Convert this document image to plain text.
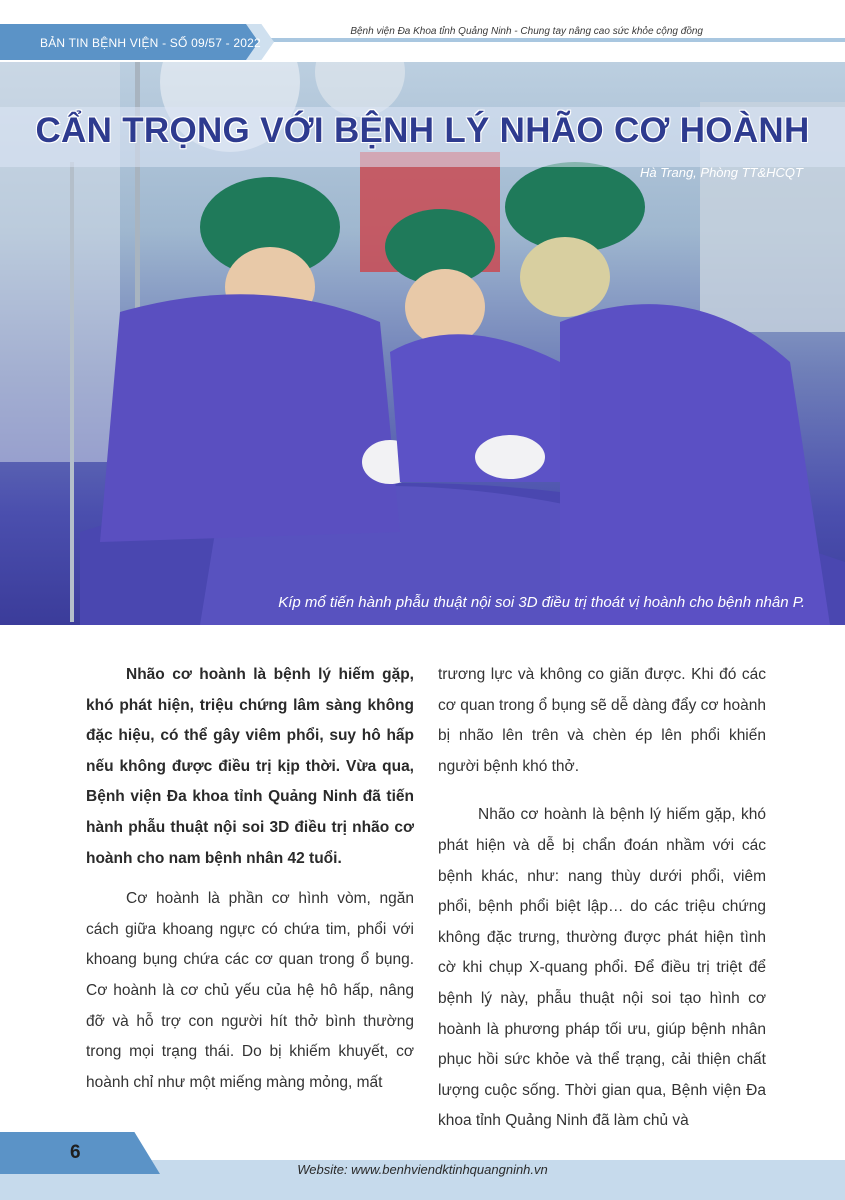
BẢN TIN BỆNH VIỆN - SỐ 09/57 - 2022
Bệnh viện Đa Khoa tỉnh Quảng Ninh - Chung tay nâng cao sức khỏe cộng đồng
CẨN TRỌNG VỚI BỆNH LÝ NHÃO CƠ HOÀNH
Hà Trang, Phòng TT&HCQT
Kíp mổ tiến hành phẫu thuật nội soi 3D điều trị thoát vị hoành cho bệnh nhân P.

Nhão cơ hoành là bệnh lý hiếm gặp, khó phát hiện, triệu chứng lâm sàng không đặc hiệu, có thể gây viêm phổi, suy hô hấp nếu không được điều trị kịp thời. Vừa qua, Bệnh viện Đa khoa tỉnh Quảng Ninh đã tiến hành phẫu thuật nội soi 3D điều trị nhão cơ hoành cho nam bệnh nhân 42 tuổi.

Cơ hoành là phần cơ hình vòm, ngăn cách giữa khoang ngực có chứa tim, phổi với khoang bụng chứa các cơ quan trong ổ bụng. Cơ hoành là cơ chủ yếu của hệ hô hấp, nâng đỡ và hỗ trợ con người hít thở bình thường trong mọi trạng thái. Do bị khiếm khuyết, cơ hoành chỉ như một miếng màng mỏng, mất

trương lực và không co giãn được. Khi đó các cơ quan trong ổ bụng sẽ dễ dàng đẩy cơ hoành bị nhão lên trên và chèn ép lên phổi khiến người bệnh khó thở.

Nhão cơ hoành là bệnh lý hiếm gặp, khó phát hiện và dễ bị chẩn đoán nhầm với các bệnh khác, như: nang thùy dưới phổi, viêm phổi, bệnh phổi biệt lập… do các triệu chứng không đặc trưng, thường được phát hiện tình cờ khi chụp X-quang phổi. Để điều trị triệt để bệnh lý này, phẫu thuật nội soi tạo hình cơ hoành là phương pháp tối ưu, giúp bệnh nhân phục hồi sức khỏe và thể trạng, cải thiện chất lượng cuộc sống. Thời gian qua, Bệnh viện Đa khoa tỉnh Quảng Ninh đã làm chủ và

6
Website: www.benhviendktinhquangninh.vn
